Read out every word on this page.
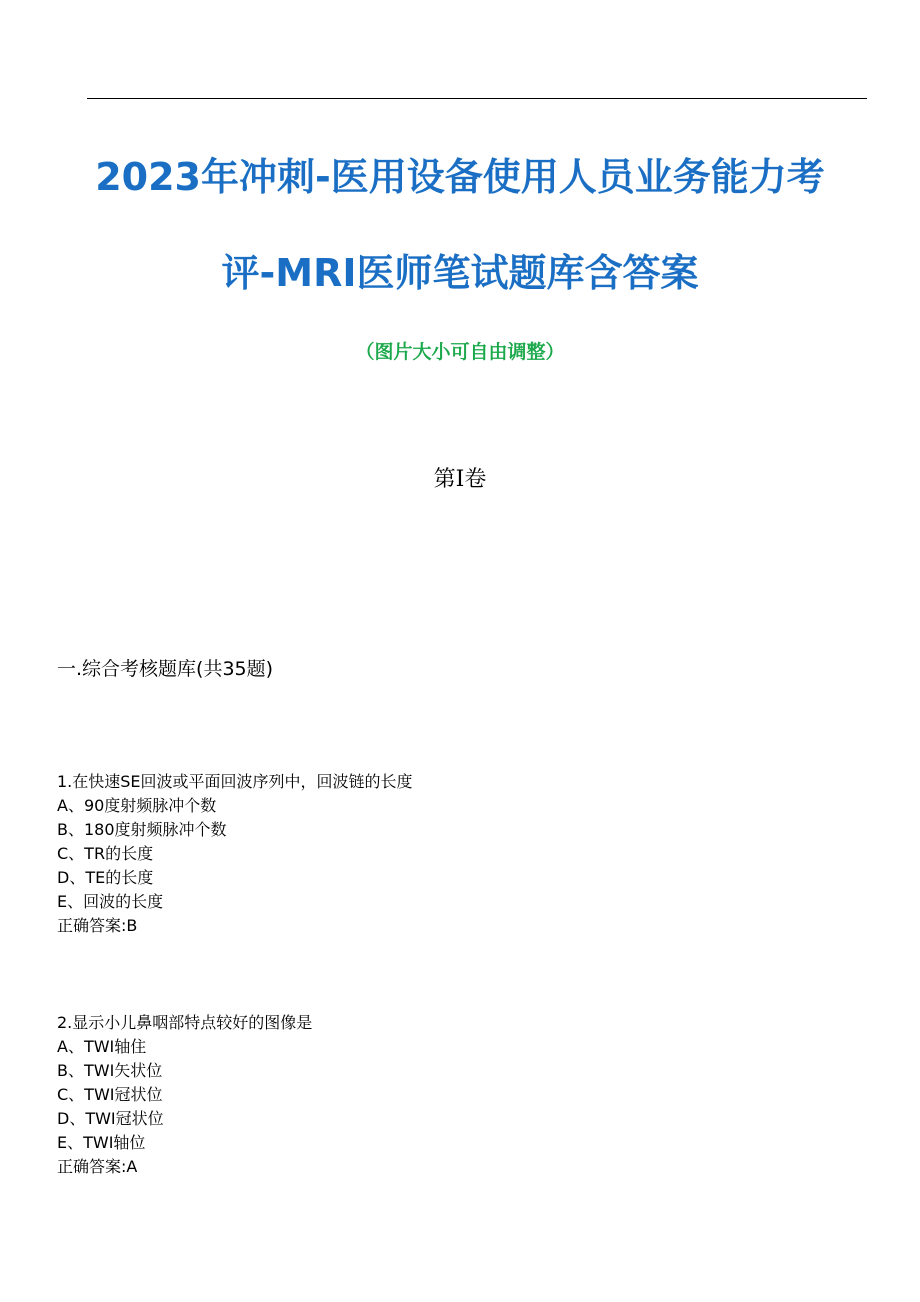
2023年冲刺-医用设备使用人员业务能力考
评-MRI医师笔试题库含答案
（图片大小可自由调整）
第I卷
一.综合考核题库(共35题)
1.在快速SE回波或平面回波序列中，回波链的长度
A、90度射频脉冲个数
B、180度射频脉冲个数
C、TR的长度
D、TE的长度
E、回波的长度
正确答案:B
2.显示小儿鼻咽部特点较好的图像是
A、TWI轴住
B、TWI矢状位
C、TWI冠状位
D、TWI冠状位
E、TWI轴位
正确答案:A
